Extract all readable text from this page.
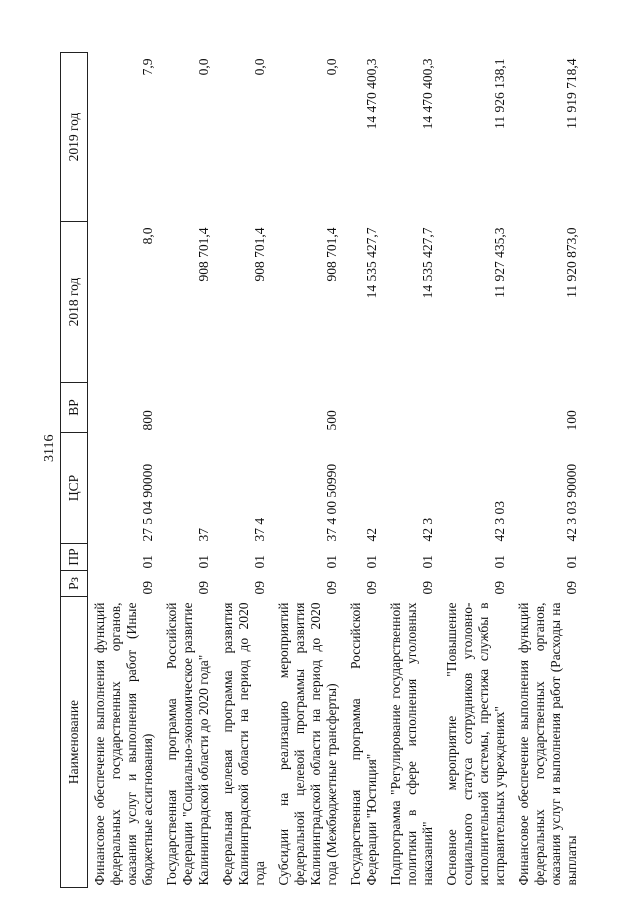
3116
Наименование	Рз	ПР	ЦСР	ВР	2018 год	2019 год
Финансовое обеспечение выполнения функций федеральных государственных органов, оказания услуг и выполнения работ (Иные бюджетные ассигнования)	09	01	27 5 04 90000	800	8,0	7,9
Государственная программа Российской Федерации "Социально-экономическое развитие Калининградской области до 2020 года"	09	01	37		908 701,4	0,0
Федеральная целевая программа развития Калининградской области на период до 2020 года	09	01	37 4		908 701,4	0,0
Субсидии на реализацию мероприятий федеральной целевой программы развития Калининградской области на период до 2020 года (Межбюджетные трансферты)	09	01	37 4 00 50990	500	908 701,4	0,0
Государственная программа Российской Федерации "Юстиция"	09	01	42		14 535 427,7	14 470 400,3
Подпрограмма "Регулирование государственной политики в сфере исполнения уголовных наказаний"	09	01	42 3		14 535 427,7	14 470 400,3
Основное мероприятие "Повышение социального статуса сотрудников уголовно-исполнительной системы, престижа службы в исправительных учреждениях"	09	01	42 3 03		11 927 435,3	11 926 138,1
Финансовое обеспечение выполнения функций федеральных государственных органов, оказания услуг и выполнения работ (Расходы на выплаты	09	01	42 3 03 90000	100	11 920 873,0	11 919 718,4
